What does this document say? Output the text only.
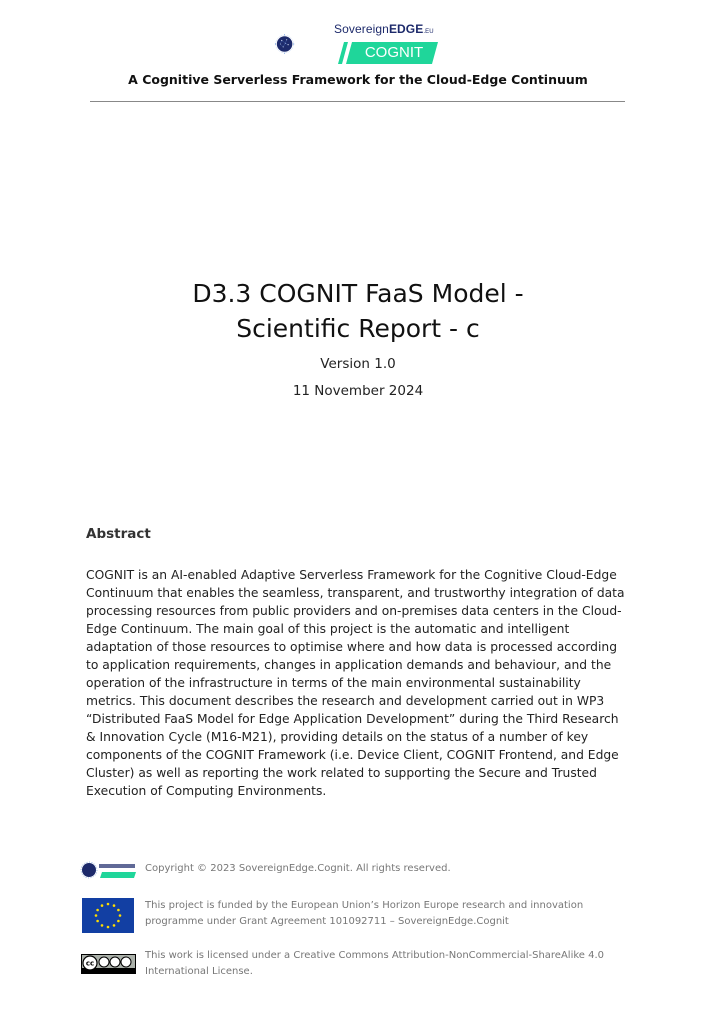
SovereignEDGE.EU
COGNIT
A Cognitive Serverless Framework for the Cloud-Edge Continuum
D3.3 COGNIT FaaS Model -
Scientific Report - c
Version 1.0
11 November 2024
Abstract
COGNIT is an AI-enabled Adaptive Serverless Framework for the Cognitive Cloud-Edge Continuum that enables the seamless, transparent, and trustworthy integration of data processing resources from public providers and on-premises data centers in the Cloud-Edge Continuum. The main goal of this project is the automatic and intelligent adaptation of those resources to optimise where and how data is processed according to application requirements, changes in application demands and behaviour, and the operation of the infrastructure in terms of the main environmental sustainability metrics. This document describes the research and development carried out in WP3 “Distributed FaaS Model for Edge Application Development” during the Third Research & Innovation Cycle (M16-M21), providing details on the status of a number of key components of the COGNIT Framework (i.e. Device Client, COGNIT Frontend, and Edge Cluster) as well as reporting the work related to supporting the Secure and Trusted Execution of Computing Environments.
Copyright © 2023 SovereignEdge.Cognit. All rights reserved.
This project is funded by the European Union’s Horizon Europe research and innovation programme under Grant Agreement 101092711 – SovereignEdge.Cognit
cc
This work is licensed under a Creative Commons Attribution-NonCommercial-ShareAlike 4.0 International License.
